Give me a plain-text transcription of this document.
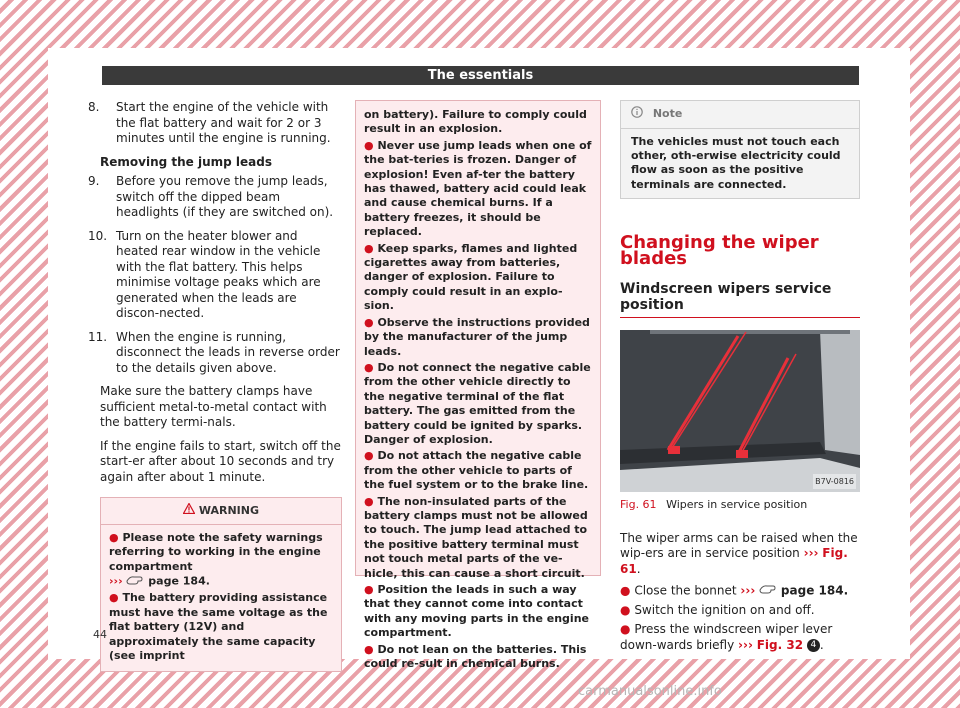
The essentials
8.	Start the engine of the vehicle with the flat battery and wait for 2 or 3 minutes until the engine is running.
Removing the jump leads
9.	Before you remove the jump leads, switch off the dipped beam headlights (if they are switched on).
10. Turn on the heater blower and heated rear window in the vehicle with the flat battery. This helps minimise voltage peaks which are generated when the leads are discon-nected.
11. When the engine is running, disconnect the leads in reverse order to the details given above.
Make sure the battery clamps have sufficient metal-to-metal contact with the battery termi-nals.
If the engine fails to start, switch off the start-er after about 10 seconds and try again after about 1 minute.
WARNING
● Please note the safety warnings referring to working in the engine compartment
››› page 184.
● The battery providing assistance must have the same voltage as the flat battery (12V) and approximately the same capacity (see imprint
on battery). Failure to comply could result in an explosion.
● Never use jump leads when one of the bat-teries is frozen. Danger of explosion! Even af-ter the battery has thawed, battery acid could leak and cause chemical burns. If a battery freezes, it should be replaced.
● Keep sparks, flames and lighted cigarettes away from batteries, danger of explosion. Failure to comply could result in an explo-sion.
● Observe the instructions provided by the manufacturer of the jump leads.
● Do not connect the negative cable from the other vehicle directly to the negative terminal of the flat battery. The gas emitted from the battery could be ignited by sparks. Danger of explosion.
● Do not attach the negative cable from the other vehicle to parts of the fuel system or to the brake line.
● The non-insulated parts of the battery clamps must not be allowed to touch. The jump lead attached to the positive battery terminal must not touch metal parts of the ve-hicle, this can cause a short circuit.
● Position the leads in such a way that they cannot come into contact with any moving parts in the engine compartment.
● Do not lean on the batteries. This could re-sult in chemical burns.
Note
The vehicles must not touch each other, oth-erwise electricity could flow as soon as the positive terminals are connected.
Changing the wiper blades
Windscreen wipers service position
B7V-0816
Fig. 61 Wipers in service position
The wiper arms can be raised when the wip-ers are in service position ››› Fig. 61.
● Close the bonnet ››› page 184.
● Switch the ignition on and off.
● Press the windscreen wiper lever down-wards briefly ››› Fig. 32 4 .
44
carmanualsonline.info
